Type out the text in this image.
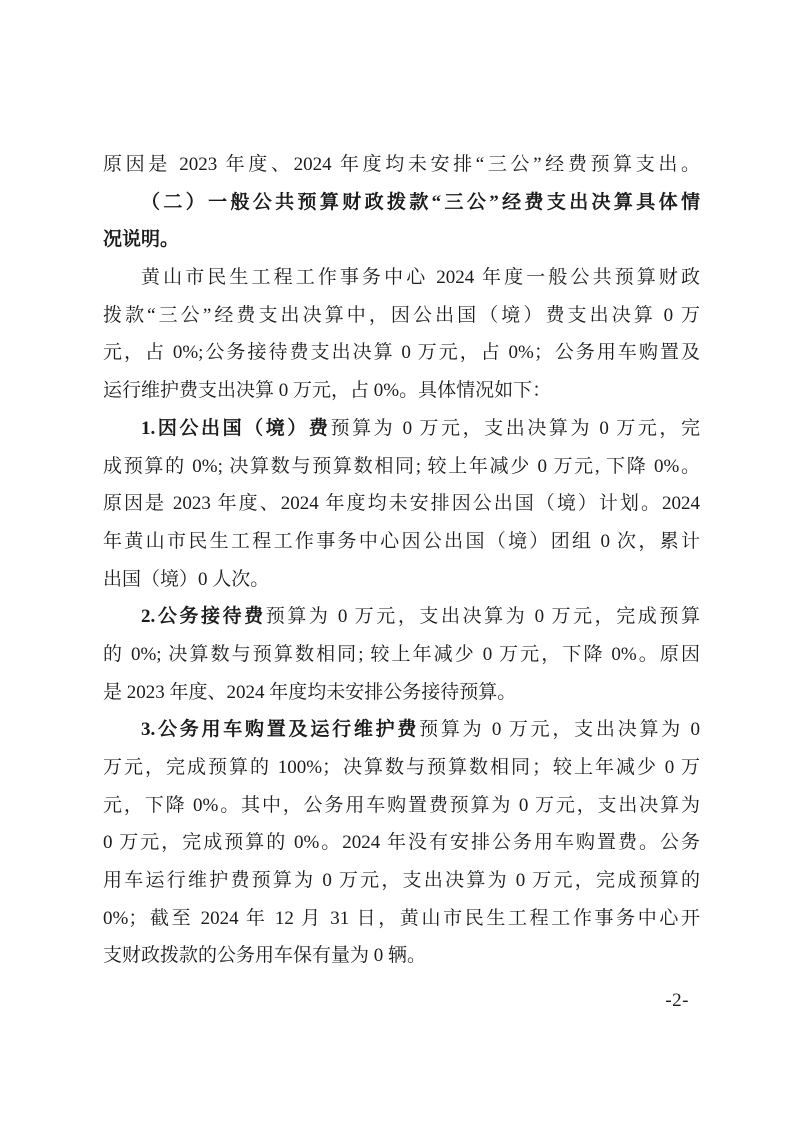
原因是 2023 年度、2024 年度均未安排“三公”经费预算支出。
（二）一般公共预算财政拨款“三公”经费支出决算具体情
况说明。
黄山市民生工程工作事务中心 2024 年度一般公共预算财政
拨款“三公”经费支出决算中，因公出国（境）费支出决算 0 万
元，占 0%;公务接待费支出决算 0 万元，占 0%；公务用车购置及
运行维护费支出决算 0 万元，占 0%。具体情况如下：
1.因公出国（境）费预算为 0 万元，支出决算为 0 万元，完
成预算的 0%; 决算数与预算数相同; 较上年减少 0 万元, 下降 0%。
原因是 2023 年度、2024 年度均未安排因公出国（境）计划。2024
年黄山市民生工程工作事务中心因公出国（境）团组 0 次，累计
出国（境）0 人次。
2.公务接待费预算为 0 万元，支出决算为 0 万元，完成预算
的 0%; 决算数与预算数相同; 较上年减少 0 万元，下降 0%。原因
是 2023 年度、2024 年度均未安排公务接待预算。
3.公务用车购置及运行维护费预算为 0 万元，支出决算为 0
万元，完成预算的 100%；决算数与预算数相同；较上年减少 0 万
元，下降 0%。其中，公务用车购置费预算为 0 万元，支出决算为
0 万元，完成预算的 0%。2024 年没有安排公务用车购置费。公务
用车运行维护费预算为 0 万元，支出决算为 0 万元，完成预算的
0%；截至 2024 年 12 月 31 日，黄山市民生工程工作事务中心开
支财政拨款的公务用车保有量为 0 辆。
-2-
